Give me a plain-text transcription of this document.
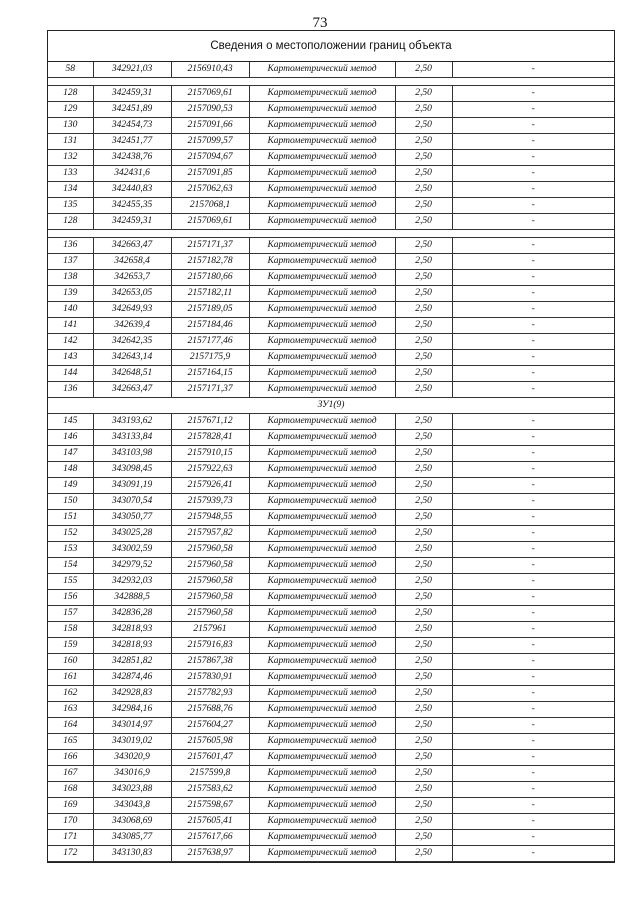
73
Сведения о местоположении границ объекта
58	342921,03	2156910,43	Картометрический метод	2,50	-

128	342459,31	2157069,61	Картометрический метод	2,50	-
129	342451,89	2157090,53	Картометрический метод	2,50	-
130	342454,73	2157091,66	Картометрический метод	2,50	-
131	342451,77	2157099,57	Картометрический метод	2,50	-
132	342438,76	2157094,67	Картометрический метод	2,50	-
133	342431,6	2157091,85	Картометрический метод	2,50	-
134	342440,83	2157062,63	Картометрический метод	2,50	-
135	342455,35	2157068,1	Картометрический метод	2,50	-
128	342459,31	2157069,61	Картометрический метод	2,50	-

136	342663,47	2157171,37	Картометрический метод	2,50	-
137	342658,4	2157182,78	Картометрический метод	2,50	-
138	342653,7	2157180,66	Картометрический метод	2,50	-
139	342653,05	2157182,11	Картометрический метод	2,50	-
140	342649,93	2157189,05	Картометрический метод	2,50	-
141	342639,4	2157184,46	Картометрический метод	2,50	-
142	342642,35	2157177,46	Картометрический метод	2,50	-
143	342643,14	2157175,9	Картометрический метод	2,50	-
144	342648,51	2157164,15	Картометрический метод	2,50	-
136	342663,47	2157171,37	Картометрический метод	2,50	-
ЗУ1(9)					
145	343193,62	2157671,12	Картометрический метод	2,50	-
146	343133,84	2157828,41	Картометрический метод	2,50	-
147	343103,98	2157910,15	Картометрический метод	2,50	-
148	343098,45	2157922,63	Картометрический метод	2,50	-
149	343091,19	2157926,41	Картометрический метод	2,50	-
150	343070,54	2157939,73	Картометрический метод	2,50	-
151	343050,77	2157948,55	Картометрический метод	2,50	-
152	343025,28	2157957,82	Картометрический метод	2,50	-
153	343002,59	2157960,58	Картометрический метод	2,50	-
154	342979,52	2157960,58	Картометрический метод	2,50	-
155	342932,03	2157960,58	Картометрический метод	2,50	-
156	342888,5	2157960,58	Картометрический метод	2,50	-
157	342836,28	2157960,58	Картометрический метод	2,50	-
158	342818,93	2157961	Картометрический метод	2,50	-
159	342818,93	2157916,83	Картометрический метод	2,50	-
160	342851,82	2157867,38	Картометрический метод	2,50	-
161	342874,46	2157830,91	Картометрический метод	2,50	-
162	342928,83	2157782,93	Картометрический метод	2,50	-
163	342984,16	2157688,76	Картометрический метод	2,50	-
164	343014,97	2157604,27	Картометрический метод	2,50	-
165	343019,02	2157605,98	Картометрический метод	2,50	-
166	343020,9	2157601,47	Картометрический метод	2,50	-
167	343016,9	2157599,8	Картометрический метод	2,50	-
168	343023,88	2157583,62	Картометрический метод	2,50	-
169	343043,8	2157598,67	Картометрический метод	2,50	-
170	343068,69	2157605,41	Картометрический метод	2,50	-
171	343085,77	2157617,66	Картометрический метод	2,50	-
172	343130,83	2157638,97	Картометрический метод	2,50	-
